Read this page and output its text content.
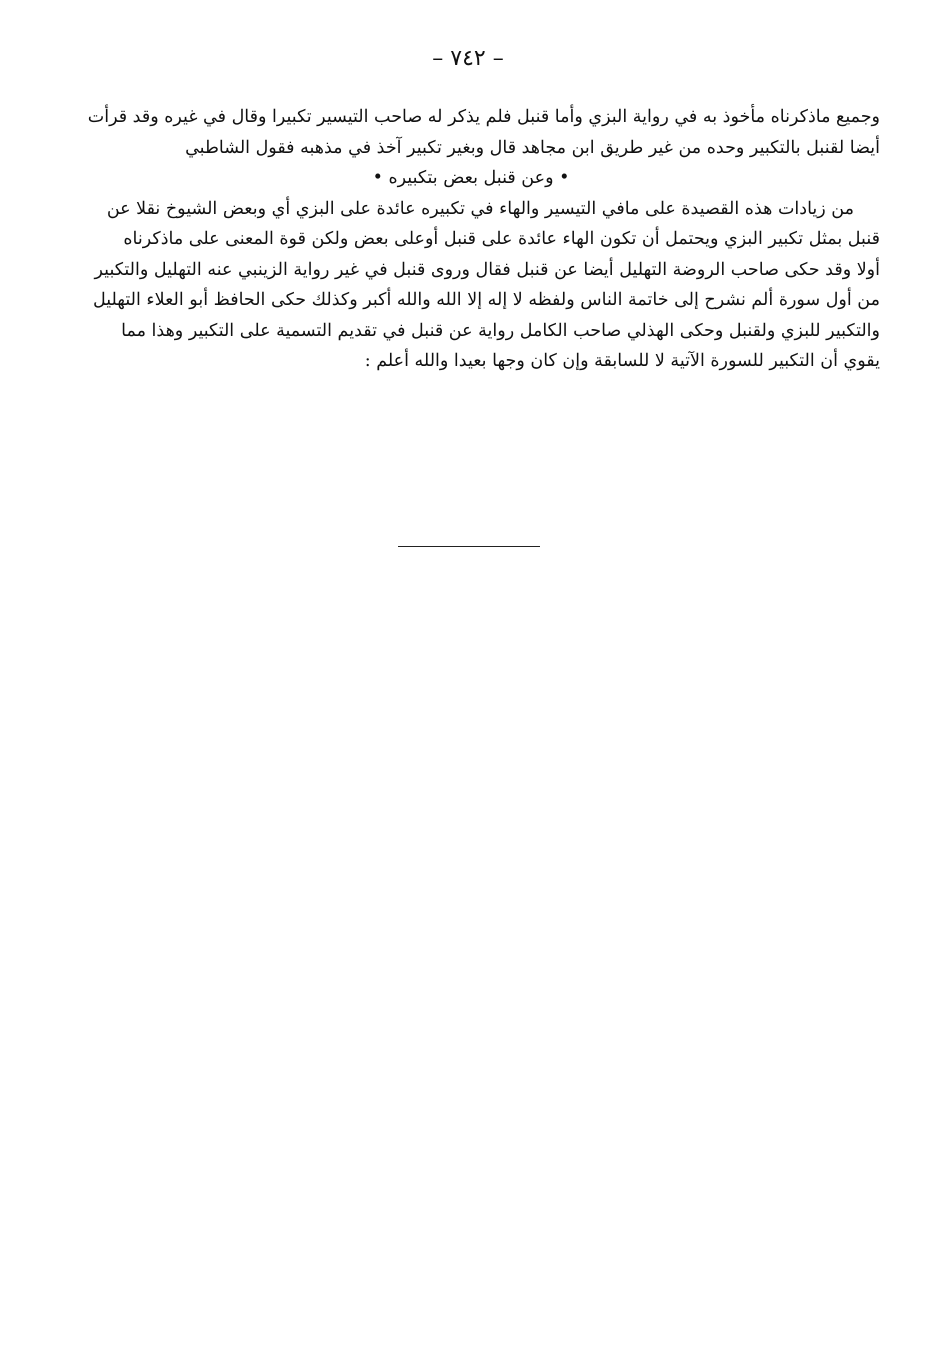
– ٧٤٢ –
وجميع ماذكرناه مأخوذ به في رواية البزي وأما قنبل فلم يذكر له صاحب التيسير تكبيرا وقال في غيره وقد قرأت
أيضا لقنبل بالتكبير وحده من غير طريق ابن مجاهد قال وبغير تكبير آخذ في مذهبه فقول الشاطبي
• وعن قنبل بعض بتكبيره •
من زيادات هذه القصيدة على مافي التيسير والهاء في تكبيره عائدة على البزي أي وبعض الشيوخ نقلا عن
قنبل بمثل تكبير البزي ويحتمل أن تكون الهاء عائدة على قنبل أوعلى بعض ولكن قوة المعنى على ماذكرناه
أولا وقد حكى صاحب الروضة التهليل أيضا عن قنبل فقال وروى قنبل في غير رواية الزينبي عنه التهليل والتكبير
من أول سورة ألم نشرح إلى خاتمة الناس ولفظه لا إله إلا الله والله أكبر وكذلك حكى الحافظ أبو العلاء التهليل
والتكبير للبزي ولقنبل وحكى الهذلي صاحب الكامل رواية عن قنبل في تقديم التسمية على التكبير وهذا مما
يقوي أن التكبير للسورة الآتية لا للسابقة وإن كان وجها بعيدا والله أعلم :
